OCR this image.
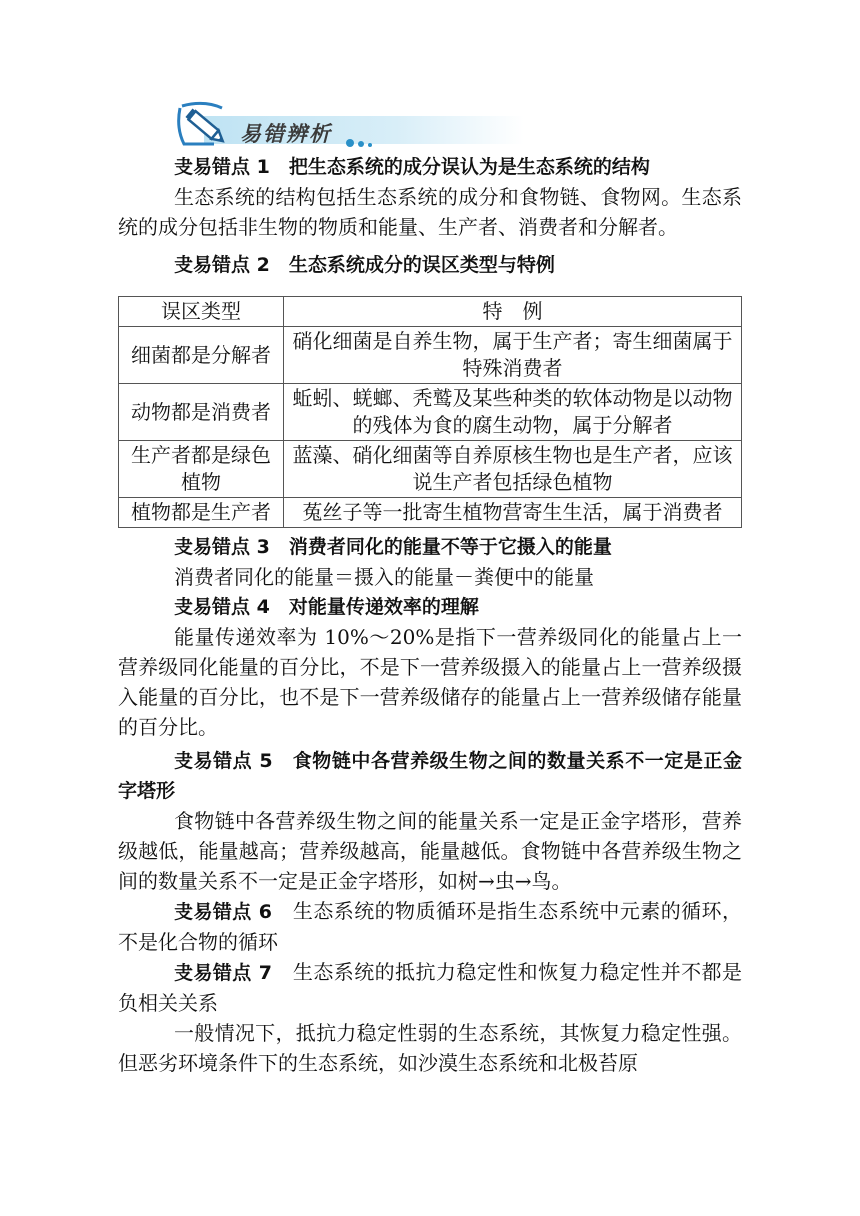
易错辨析

叏易错点 1　 把生态系统的成分误认为是生态系统的结构

生态系统的结构包括生态系统的成分和食物链、食物网。生态系统的成分包括非生物的物质和能量、生产者、消费者和分解者。

叏易错点 2　 生态系统成分的误区类型与特例

误区类型	特　例
细菌都是分解者	硝化细菌是自养生物，属于生产者；寄生细菌属于特殊消费者
动物都是消费者	蚯蚓、蜣螂、秃鹫及某些种类的软体动物是以动物的残体为食的腐生动物，属于分解者
生产者都是绿色植物	蓝藻、硝化细菌等自养原核生物也是生产者，应该说生产者包括绿色植物
植物都是生产者	菟丝子等一批寄生植物营寄生生活，属于消费者

叏易错点 3　 消费者同化的能量不等于它摄入的能量

消费者同化的能量＝摄入的能量－粪便中的能量

叏易错点 4　 对能量传递效率的理解

能量传递效率为 10%～20%是指下一营养级同化的能量占上一营养级同化能量的百分比，不是下一营养级摄入的能量占上一营养级摄入能量的百分比，也不是下一营养级储存的能量占上一营养级储存能量的百分比。

叏易错点 5　 食物链中各营养级生物之间的数量关系不一定是正金字塔形

食物链中各营养级生物之间的能量关系一定是正金字塔形，营养级越低，能量越高；营养级越高，能量越低。食物链中各营养级生物之间的数量关系不一定是正金字塔形，如树→虫→鸟。

叏易错点 6　 生态系统的物质循环是指生态系统中元素的循环，不是化合物的循环

叏易错点 7　 生态系统的抵抗力稳定性和恢复力稳定性并不都是负相关关系

一般情况下，抵抗力稳定性弱的生态系统，其恢复力稳定性强。但恶劣环境条件下的生态系统，如沙漠生态系统和北极苔原
